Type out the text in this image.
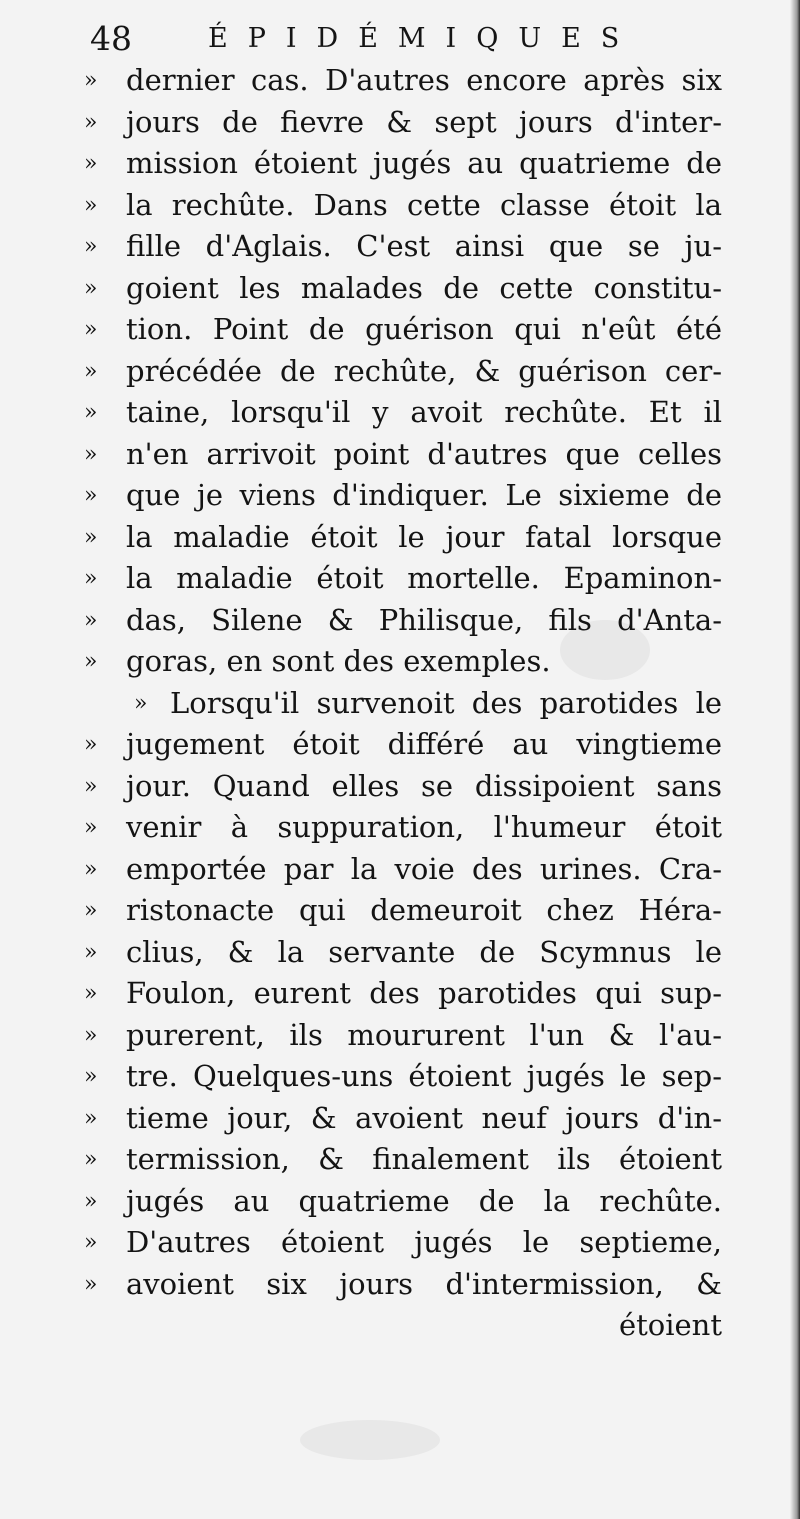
48	ÉPIDÉMIQUES
» dernier cas. D'autres encore après six
» jours de fievre & sept jours d'inter-
» mission étoient jugés au quatrieme de
» la rechûte. Dans cette classe étoit la
» fille d'Aglais. C'est ainsi que se ju-
» goient les malades de cette constitu-
» tion. Point de guérison qui n'eût été
» précédée de rechûte, & guérison cer-
» taine, lorsqu'il y avoit rechûte. Et il
» n'en arrivoit point d'autres que celles
» que je viens d'indiquer. Le sixieme de
» la maladie étoit le jour fatal lorsque
» la maladie étoit mortelle. Epaminon-
» das, Silene & Philisque, fils d'Anta-
» goras, en sont des exemples.
» Lorsqu'il survenoit des parotides le
» jugement étoit différé au vingtieme
» jour. Quand elles se dissipoient sans
» venir à suppuration, l'humeur étoit
» emportée par la voie des urines. Cra-
» ristonacte qui demeuroit chez Héra-
» clius, & la servante de Scymnus le
» Foulon, eurent des parotides qui sup-
» purerent, ils moururent l'un & l'au-
» tre. Quelques-uns étoient jugés le sep-
» tieme jour, & avoient neuf jours d'in-
» termission, & finalement ils étoient
» jugés au quatrieme de la rechûte.
» D'autres étoient jugés le septieme,
» avoient six jours d'intermission, &
étoient
